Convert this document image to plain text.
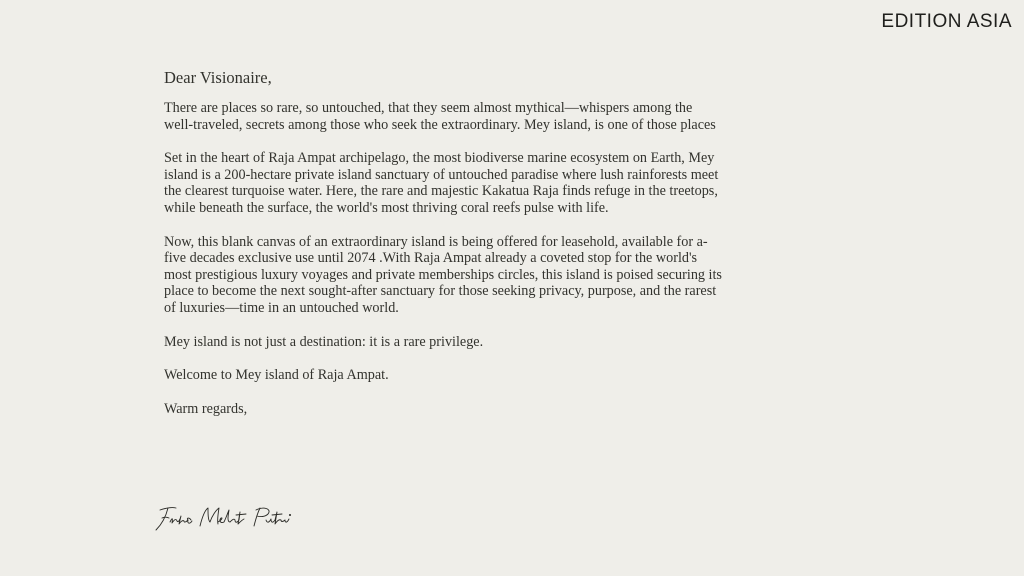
EDITION ASIA

Dear Visionaire,

There are places so rare, so untouched, that they seem almost mythical—whispers among the well-traveled, secrets among those who seek the extraordinary. Mey island, is one of those places

Set in the heart of Raja Ampat archipelago, the most biodiverse marine ecosystem on Earth, Mey island is a 200-hectare private island sanctuary of untouched paradise where lush rainforests meet the clearest turquoise water. Here, the rare and majestic Kakatua Raja finds refuge in the treetops, while beneath the surface, the world's most thriving coral reefs pulse with life.

Now, this blank canvas of an extraordinary island is being offered for leasehold, available for a-five decades exclusive use until 2074 .With Raja Ampat already a coveted stop for the world's most prestigious luxury voyages and private memberships circles, this island is poised securing its place to become the next sought-after sanctuary for those seeking privacy, purpose, and the rarest of luxuries—time in an untouched world.

Mey island is not just a destination: it is a rare privilege.

Welcome to Mey island of Raja Ampat.

Warm regards,
